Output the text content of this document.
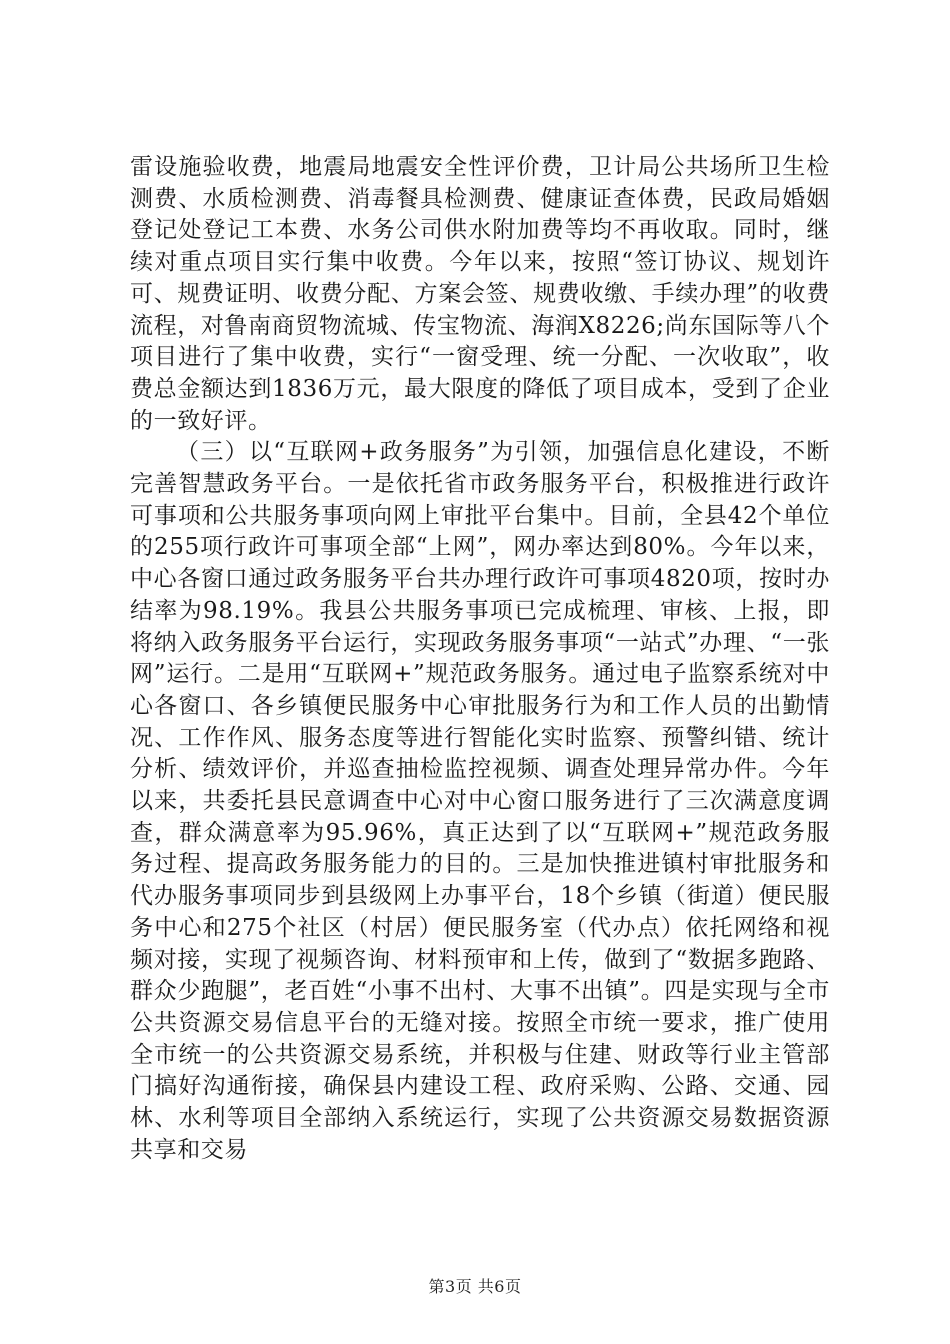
雷设施验收费，地震局地震安全性评价费，卫计局公共场所卫生检测费、水质检测费、消毒餐具检测费、健康证查体费，民政局婚姻登记处登记工本费、水务公司供水附加费等均不再收取。同时，继续对重点项目实行集中收费。今年以来，按照“签订协议、规划许可、规费证明、收费分配、方案会签、规费收缴、手续办理”的收费流程，对鲁南商贸物流城、传宝物流、海润X8226;尚东国际等八个项目进行了集中收费，实行“一窗受理、统一分配、一次收取”，收费总金额达到1836万元，最大限度的降低了项目成本，受到了企业的一致好评。

（三）以“互联网+政务服务”为引领，加强信息化建设，不断完善智慧政务平台。一是依托省市政务服务平台，积极推进行政许可事项和公共服务事项向网上审批平台集中。目前，全县42个单位的255项行政许可事项全部“上网”，网办率达到80%。今年以来，中心各窗口通过政务服务平台共办理行政许可事项4820项，按时办结率为98.19%。我县公共服务事项已完成梳理、审核、上报，即将纳入政务服务平台运行，实现政务服务事项“一站式”办理、“一张网”运行。二是用“互联网+”规范政务服务。通过电子监察系统对中心各窗口、各乡镇便民服务中心审批服务行为和工作人员的出勤情况、工作作风、服务态度等进行智能化实时监察、预警纠错、统计分析、绩效评价，并巡查抽检监控视频、调查处理异常办件。今年以来，共委托县民意调查中心对中心窗口服务进行了三次满意度调查，群众满意率为95.96%，真正达到了以“互联网+”规范政务服务过程、提高政务服务能力的目的。三是加快推进镇村审批服务和代办服务事项同步到县级网上办事平台，18个乡镇（街道）便民服务中心和275个社区（村居）便民服务室（代办点）依托网络和视频对接，实现了视频咨询、材料预审和上传，做到了“数据多跑路、群众少跑腿”，老百姓“小事不出村、大事不出镇”。四是实现与全市公共资源交易信息平台的无缝对接。按照全市统一要求，推广使用全市统一的公共资源交易系统，并积极与住建、财政等行业主管部门搞好沟通衔接，确保县内建设工程、政府采购、公路、交通、园林、水利等项目全部纳入系统运行，实现了公共资源交易数据资源共享和交易

第3页 共6页
